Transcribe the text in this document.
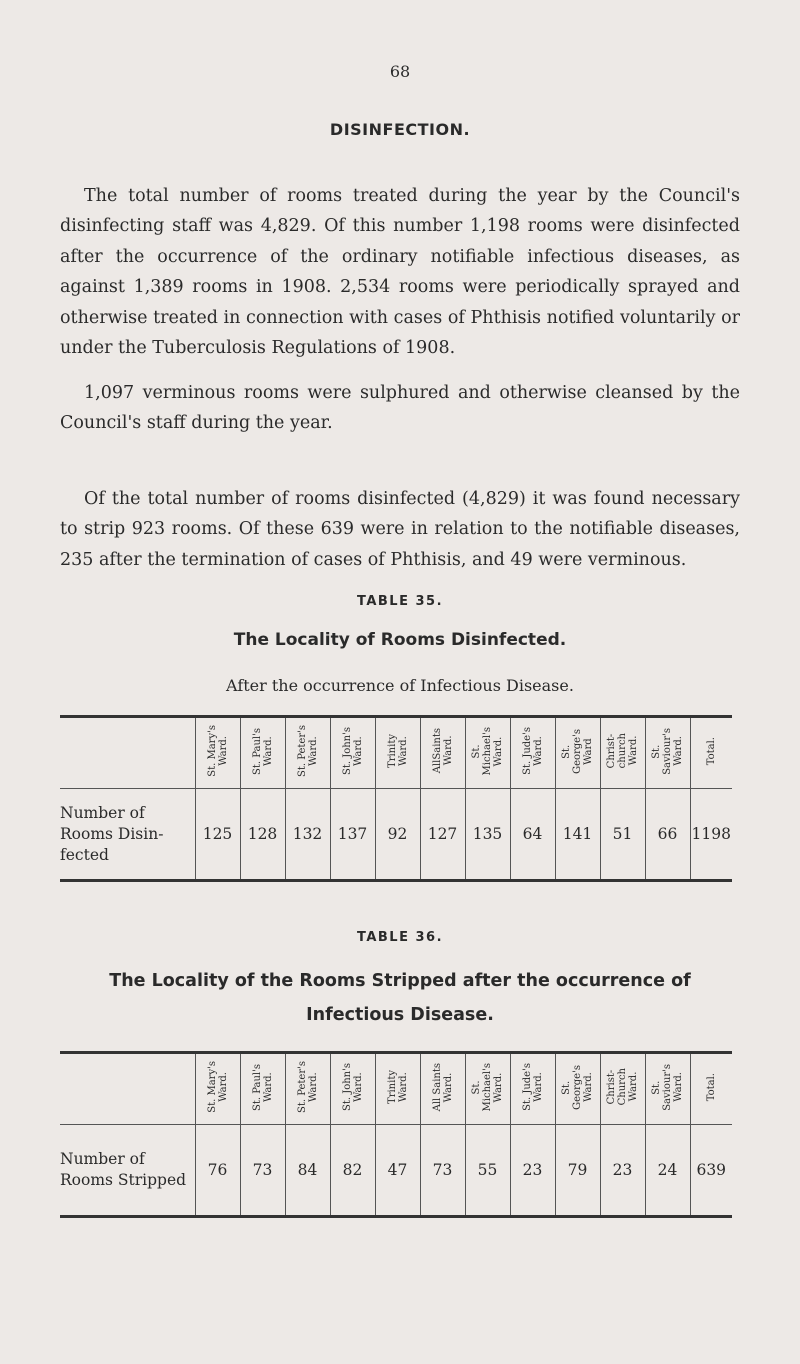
68
DISINFECTION.

The total number of rooms treated during the year by the Council's disinfecting staff was 4,829. Of this number 1,198 rooms were disinfected after the occurrence of the ordinary notifiable infectious diseases, as against 1,389 rooms in 1908. 2,534 rooms were periodically sprayed and otherwise treated in connection with cases of Phthisis notified voluntarily or under the Tuberculosis Regulations of 1908.

1,097 verminous rooms were sulphured and otherwise cleansed by the Council's staff during the year.

Of the total number of rooms disinfected (4,829) it was found necessary to strip 923 rooms. Of these 639 were in relation to the notifiable diseases, 235 after the termination of cases of Phthisis, and 49 were verminous.

TABLE 35.
The Locality of Rooms Disinfected.
After the occurrence of Infectious Disease.
	St. Mary's
Ward.	St. Paul's
Ward.	St. Peter's
Ward.	St. John's
Ward.	Trinity
Ward.	AllSaints
Ward.	St.
Michael's
Ward.	St. Jude's
Ward.	St.
George's
Ward	Christ-
church
Ward.	St.
Saviour's
Ward.	Total.
Number of Rooms Disin-fected	125	128	132	137	92	127	135	64	141	51	66	1198
TABLE 36.
The Locality of the Rooms Stripped after the occurrence of Infectious Disease.
	St. Mary's
Ward.	St. Paul's
Ward.	St. Peter's
Ward.	St. John's
Ward.	Trinity
Ward.	All Saints
Ward.	St.
Michael's
Ward.	St. Jude's
Ward.	St.
George's
Ward.	Christ-
Church
Ward.	St.
Saviour's
Ward.	Total.
Number of Rooms Stripped	76	73	84	82	47	73	55	23	79	23	24	639
